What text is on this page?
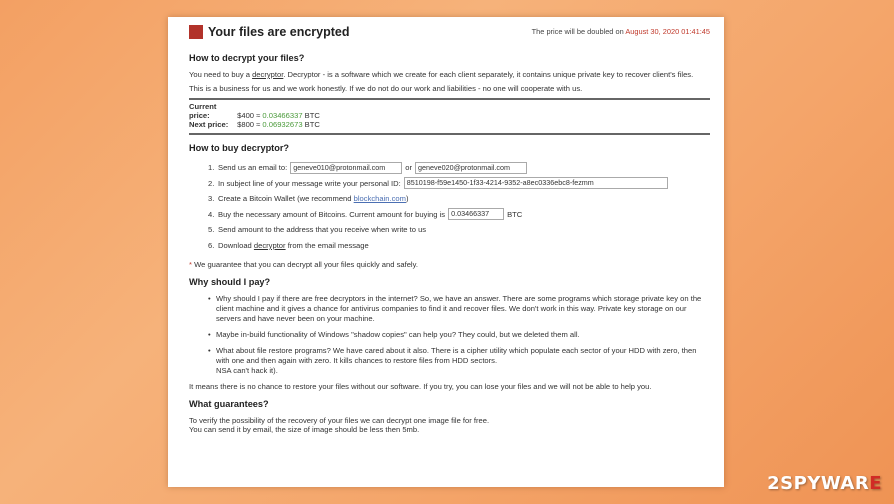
Your files are encrypted	The price will be doubled on August 30, 2020 01:41:45
How to decrypt your files?

You need to buy a decryptor. Decryptor - is a software which we create for each client separately, it contains unique private key to recover client's files.

This is a business for us and we work honestly. If we do not do our work and liabilities - no one will cooperate with us.

Current price:	$400 ≈ 0.03466337 BTC
Next price: $800 ≈ 0.06932673 BTC
How to buy decryptor?
1. Send us an email to: geneve010@protonmail.com	or geneve020@protonmail.com
2. In subject line of your message write your personal ID: 8510198-f59e1450-1f33-4214-9352-a8ec0336ebc8-fezmm
3. Create a Bitcoin Wallet (we recommend
blockchain.com )
4. Buy the necessary amount of Bitcoins. Current amount for buying is 0.03466337	BTC
5. Send amount to the address that you receive when write to us
6. Download
decryptor
from the email message

* We guarantee that you can decrypt all your files quickly and safely.

Why should I pay?
• Why should I pay if there are free decryptors in the internet? So, we have an answer. There are some programs which storage private key on the client machine and it gives a chance for antivirus companies to find it and recover files. We don't work in this way. Private key storage on our servers and have never been on your machine.
• Maybe in-build functionality of Windows "shadow copies" can help you? They could, but we deleted them all.
• What about file restore programs? We have cared about it also. There is a cipher utility which populate each sector of your HDD with zero, then with one and then again with zero. It kills chances to restore files from HDD sectors.
NSA can't hack it).

It means there is no chance to restore your files without our software. If you try, you can lose your files and we will not be able to help you.

What guarantees?

To verify the possibility of the recovery of your files we can decrypt one image file for free.
You can send it by email, the size of image should be less then 5mb.

2SPYWAR E
